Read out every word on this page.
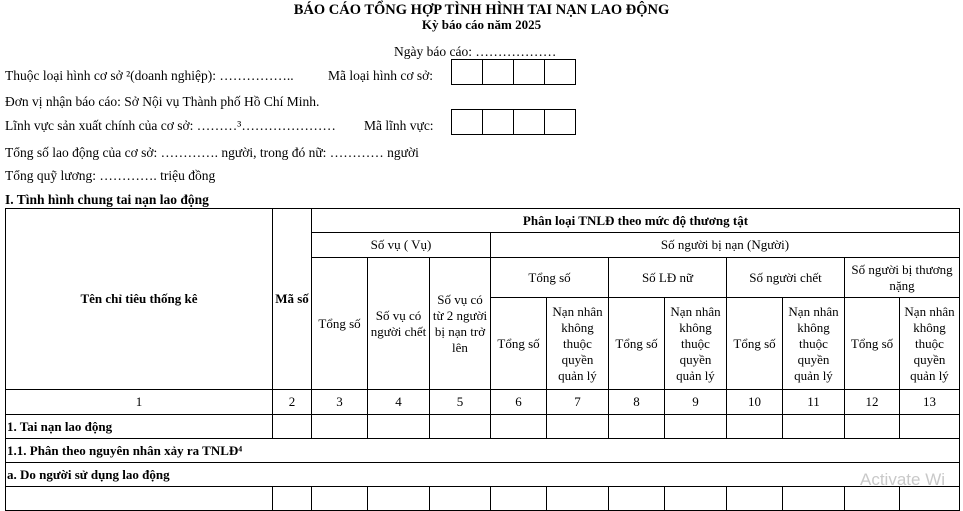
BÁO CÁO TỔNG HỢP TÌNH HÌNH TAI NẠN LAO ĐỘNG
Kỳ báo cáo năm 2025
Ngày báo cáo: ………………
Thuộc loại hình cơ sở ²(doanh nghiệp): ……………..	Mã loại hình cơ sở:
Đơn vị nhận báo cáo: Sở Nội vụ Thành phố Hồ Chí Minh.
Lĩnh vực sản xuất chính của cơ sở: ………³………………… Mã lĩnh vực:
Tổng số lao động của cơ sở: …………. người, trong đó nữ: ………… người
Tổng quỹ lương: …………. triệu đồng
I. Tình hình chung tai nạn lao động
Tên chỉ tiêu thống kê	Mã số	Phân loại TNLĐ theo mức độ thương tật										
		Số vụ ( Vụ)			Số người bị nạn (Người)							
		Tổng số	Số vụ có người chết	Số vụ có từ 2 người bị nạn trở lên	Tổng số		Số LĐ nữ		Số người chết		Số người bị thương nặng	
					Tổng số	Nạn nhân không thuộc quyền quản lý	Tổng số	Nạn nhân không thuộc quyền quản lý	Tổng số	Nạn nhân không thuộc quyền quản lý	Tổng số	Nạn nhân không thuộc quyền quản lý

1	2	3	4	5	6	7	8	9	10	11	12	13
1. Tai nạn lao động												
1.1. Phân theo nguyên nhân xảy ra TNLĐ⁴												
a. Do người sử dụng lao động												
													Activate Wi
